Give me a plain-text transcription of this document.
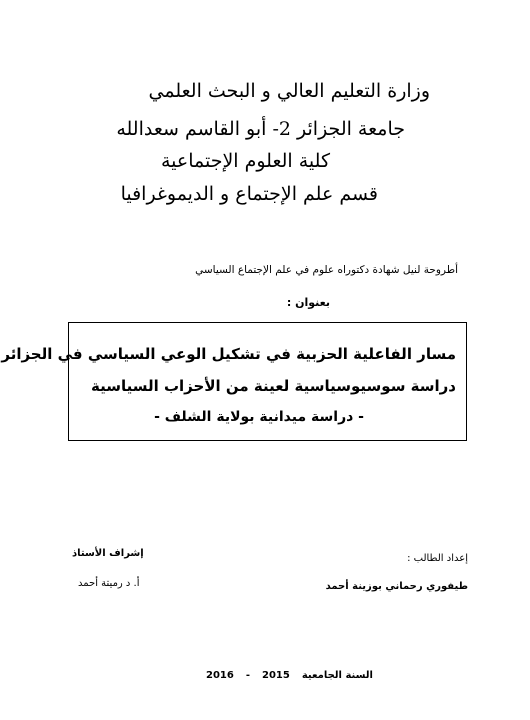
وزارة التعليم العالي و البحث العلمي
جامعة الجزائر 2- أبو القاسم سعدالله
كلية العلوم الإجتماعية
قسم علم الإجتماع و الديموغرافيا
أطروحة لنيل شهادة دكتوراه علوم في علم الإجتماع السياسي
بعنوان :
مسار الفاعلية الحزبية في تشكيل الوعي السياسي في الجزائر
دراسة سوسيوسياسية لعينة من الأحزاب السياسية
- دراسة ميدانية بولاية الشلف -
إعداد الطالب :
طيفوري رحماني بوزينة أحمد
إشراف الأستاذ
أ. د رميتة أحمد
2016 - 2015 السنة الجامعية
